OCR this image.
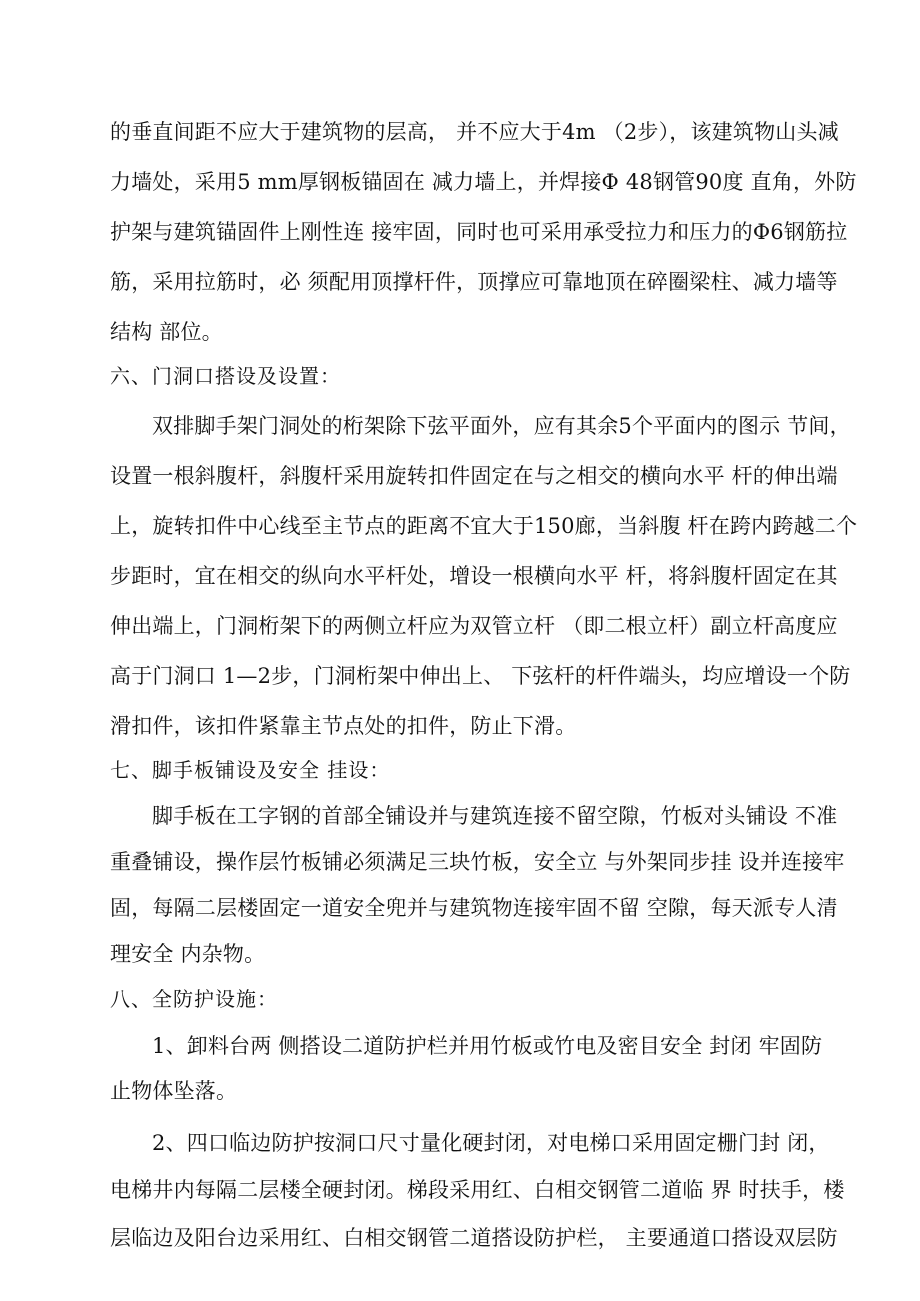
的垂直间距不应大于建筑物的层高， 并不应大于4m （2步），该建筑物山头减
力墙处，采用5 mm厚钢板锚固在 减力墙上，并焊接Φ 48钢管90度 直角，外防
护架与建筑锚固件上刚性连 接牢固，同时也可采用承受拉力和压力的Φ6钢筋拉
筋，采用拉筋时，必 须配用顶撑杆件，顶撑应可靠地顶在碎圈梁柱、减力墙等
结构 部位。
六、门洞口搭设及设置：
双排脚手架门洞处的桁架除下弦平面外，应有其余5个平面内的图示 节间，
设置一根斜腹杆，斜腹杆采用旋转扣件固定在与之相交的横向水平 杆的伸出端
上，旋转扣件中心线至主节点的距离不宜大于150廊，当斜腹 杆在跨内跨越二个
步距时，宜在相交的纵向水平杆处，增设一根横向水平 杆，将斜腹杆固定在其
伸出端上，门洞桁架下的两侧立杆应为双管立杆 （即二根立杆）副立杆高度应
高于门洞口 1—2步，门洞桁架中伸出上、 下弦杆的杆件端头，均应增设一个防
滑扣件，该扣件紧靠主节点处的扣件，防止下滑。
七、脚手板铺设及安全 挂设：
脚手板在工字钢的首部全铺设并与建筑连接不留空隙，竹板对头铺设 不准
重叠铺设，操作层竹板铺必须满足三块竹板，安全立 与外架同步挂 设并连接牢
固，每隔二层楼固定一道安全兜并与建筑物连接牢固不留 空隙，每天派专人清
理安全 内杂物。
八、全防护设施：
1、卸料台两 侧搭设二道防护栏并用竹板或竹电及密目安全 封闭 牢固防
止物体坠落。
2、四口临边防护按洞口尺寸量化硬封闭，对电梯口采用固定栅门封 闭，
电梯井内每隔二层楼全硬封闭。梯段采用红、白相交钢管二道临 界 时扶手，楼
层临边及阳台边采用红、白相交钢管二道搭设防护栏， 主要通道口搭设双层防
